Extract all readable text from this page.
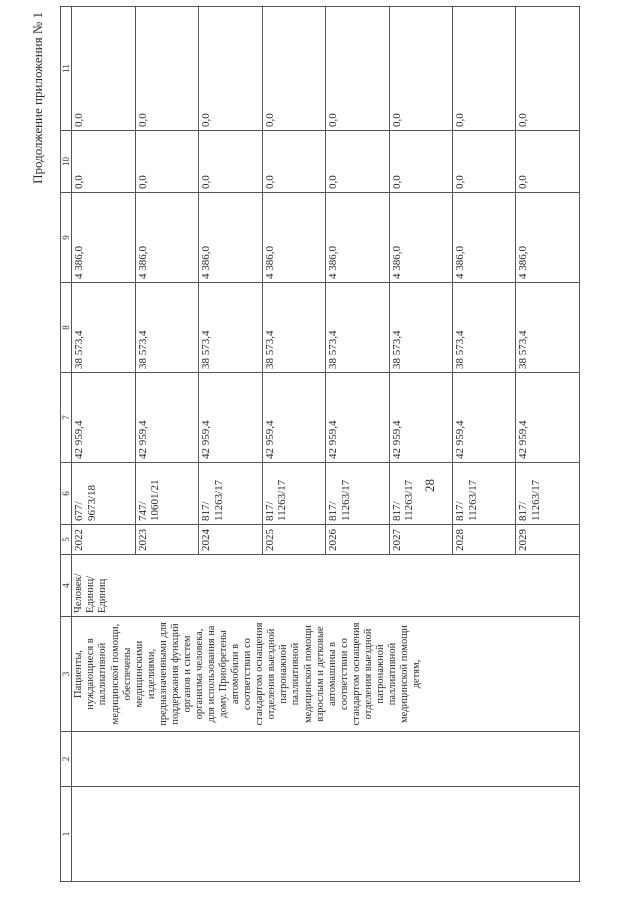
Продолжение приложения № 1
28
1	2	3	4	5	6	7	8	9	10	11
		Пациенты, нуждающиеся в паллиативной медицинской помощи, обеспечены медицинскими изделиями, предназначенными для поддержания функций органов и систем организма человека, для использования на дому. Приобретены автомобили в соответствии со стандартом оснащения отделения выездной патронажной паллиативной медицинской помощи взрослым и детковые автомашины в соответствии со стандартом оснащения отделения выездной патронажной паллиативной медицинской помощи детям,	Человек/Единиц/Единиц	2022	677/ 9673/18	42 959,4	38 573,4	4 386,0	0,0	0,0
				2023	747/ 10601/21	42 959,4	38 573,4	4 386,0	0,0	0,0
				2024	817/ 11263/17	42 959,4	38 573,4	4 386,0	0,0	0,0
				2025	817/ 11263/17	42 959,4	38 573,4	4 386,0	0,0	0,0
				2026	817/ 11263/17	42 959,4	38 573,4	4 386,0	0,0	0,0
				2027	817/ 11263/17	42 959,4	38 573,4	4 386,0	0,0	0,0
				2028	817/ 11263/17	42 959,4	38 573,4	4 386,0	0,0	0,0
				2029	817/ 11263/17	42 959,4	38 573,4	4 386,0	0,0	0,0
